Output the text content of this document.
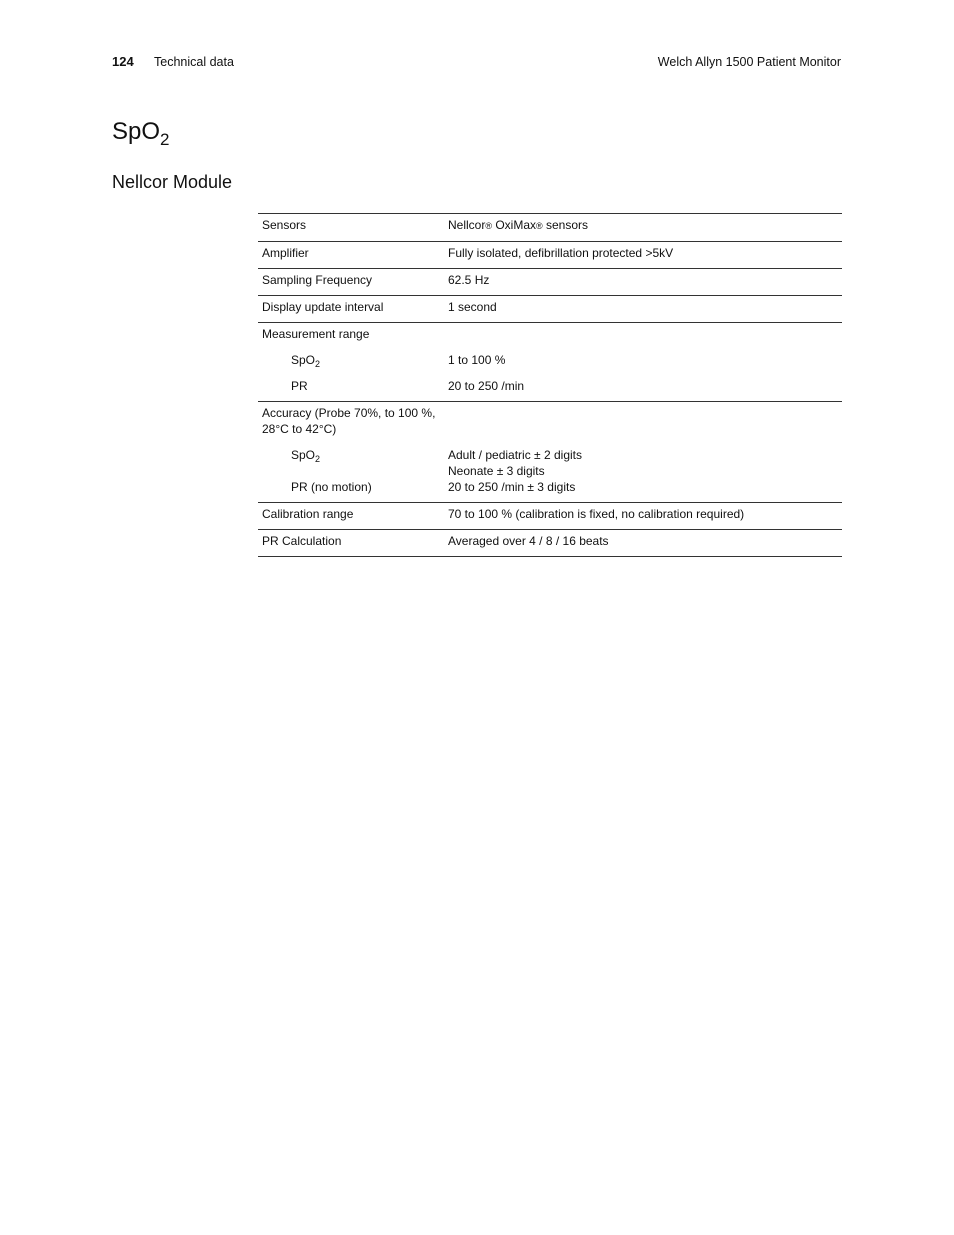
124 Technical data	Welch Allyn 1500 Patient Monitor
SpO$_2$
Nellcor Module
Sensors	Nellcor® OxiMax® sensors
Amplifier	Fully isolated, defibrillation protected >5kV
Sampling Frequency	62.5 Hz
Display update interval	1 second
Measurement range	
SpO$_2$	1 to 100 %
PR	20 to 250 /min
Accuracy (Probe 70%, to 100 %, 28°C to 42°C)	
SpO$_2$	Adult / pediatric ± 2 digits
Neonate ± 3 digits

PR (no motion)	20 to 250 /min ± 3 digits
Calibration range	70 to 100 % (calibration is fixed, no calibration required)
PR Calculation	Averaged over 4 / 8 / 16 beats
